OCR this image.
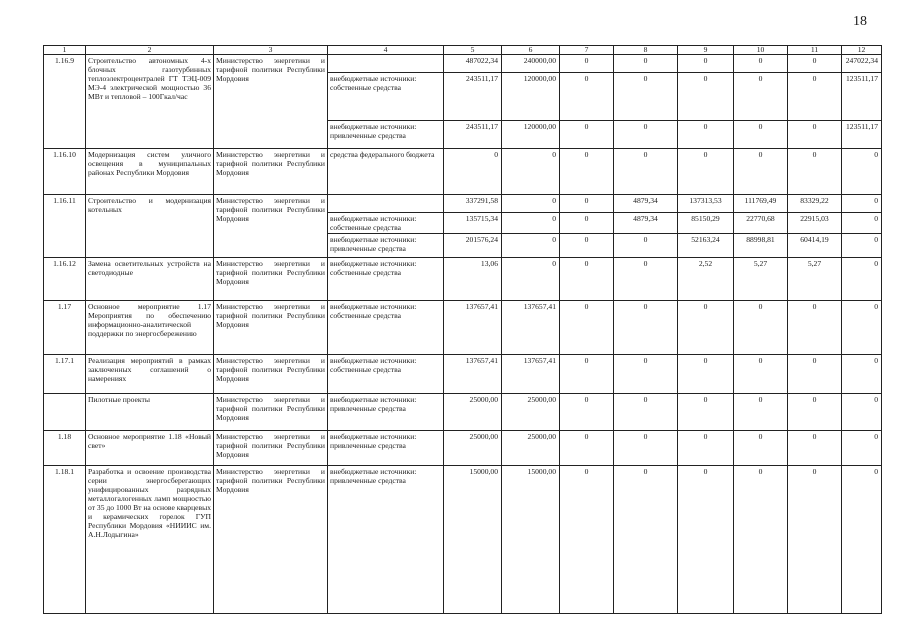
18
1	2	3	4	5	6	7	8	9	10	11	12
1.16.9	Строительство автономных 4-х блочных газотурбинных теплоэлектроцентралей ГТ ТЭЦ-009 МЭ-4 электрической мощностью 36 МВт и тепловой – 100Гкал/час	Министерство энергетики и тарифной политики Республики Мордовия		487022,34	240000,00	0	0	0	0	0	247022,34
			внебюджетные источники: собственные средства	243511,17	120000,00	0	0	0	0	0	123511,17
			внебюджетные источники: привлеченные средства	243511,17	120000,00	0	0	0	0	0	123511,17
1.16.10	Модернизация систем уличного освещения в муниципальных районах Республики Мордовия	Министерство энергетики и тарифной политики Республики Мордовия	средства федерального бюджета	0	0	0	0	0	0	0	0
1.16.11	Строительство и модернизация котельных	Министерство энергетики и тарифной политики Республики Мордовия		337291,58	0	0	4879,34	137313,53	111769,49	83329,22	0
			внебюджетные источники: собственные средства	135715,34	0	0	4879,34	85150,29	22770,68	22915,03	0
			внебюджетные источники: привлеченные средства	201576,24	0	0	0	52163,24	88998,81	60414,19	0
1.16.12	Замена осветительных устройств на светодиодные	Министерство энергетики и тарифной политики Республики Мордовия	внебюджетные источники: собственные средства	13,06	0	0	0	2,52	5,27	5,27	0
1.17	Основное мероприятие 1.17 Мероприятия по обеспечению информационно-аналитической поддержки по энергосбережению	Министерство энергетики и тарифной политики Республики Мордовия	внебюджетные источники: собственные средства	137657,41	137657,41	0	0	0	0	0	0
1.17.1	Реализация мероприятий в рамках заключенных соглашений о намерениях	Министерство энергетики и тарифной политики Республики Мордовия	внебюджетные источники: собственные средства	137657,41	137657,41	0	0	0	0	0	0
	Пилотные проекты	Министерство энергетики и тарифной политики Республики Мордовия	внебюджетные источники: привлеченные средства	25000,00	25000,00	0	0	0	0	0	0
1.18	Основное мероприятие 1.18 «Новый свет»	Министерство энергетики и тарифной политики Республики Мордовия	внебюджетные источники: привлеченные средства	25000,00	25000,00	0	0	0	0	0	0
1.18.1	Разработка и освоение производства серии энергосберегающих унифицированных разрядных металлогалогенных ламп мощностью от 35 до 1000 Вт на основе кварцевых и керамических горелок ГУП Республики Мордовия «НИИИС им. А.Н.Лодыгина»	Министерство энергетики и тарифной политики Республики Мордовия	внебюджетные источники: привлеченные средства	15000,00	15000,00	0	0	0	0	0	0
